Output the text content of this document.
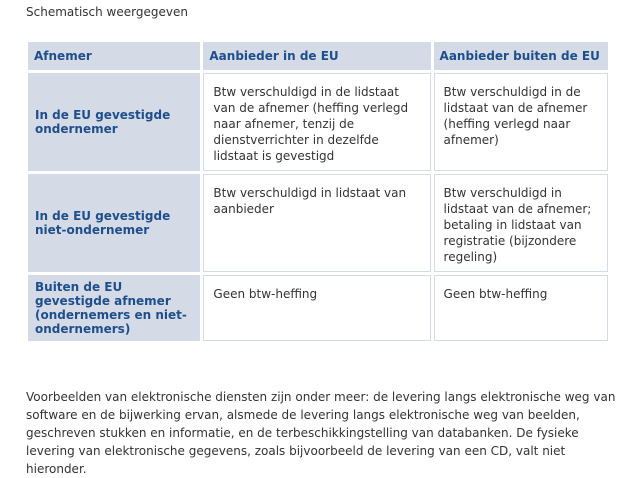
Schematisch weergegeven
Afnemer	Aanbieder in de EU	Aanbieder buiten de EU
In de EU gevestigde ondernemer	Btw verschuldigd in de lidstaat van de afnemer (heffing verlegd naar afnemer, tenzij de dienstverrichter in dezelfde lidstaat is gevestigd	Btw verschuldigd in de lidstaat van de afnemer (heffing verlegd naar afnemer)
In de EU gevestigde niet-ondernemer	Btw verschuldigd in lidstaat van aanbieder	Btw verschuldigd in lidstaat van de afnemer; betaling in lidstaat van registratie (bijzondere regeling)
Buiten de EU gevestigde afnemer (ondernemers en niet-ondernemers)	Geen btw-heffing	Geen btw-heffing

Voorbeelden van elektronische diensten zijn onder meer: de levering langs elektronische weg van software en de bijwerking ervan, alsmede de levering langs elektronische weg van beelden, geschreven stukken en informatie, en de terbeschikkingstelling van databanken. De fysieke levering van elektronische gegevens, zoals bijvoorbeeld de levering van een CD, valt niet hieronder.
